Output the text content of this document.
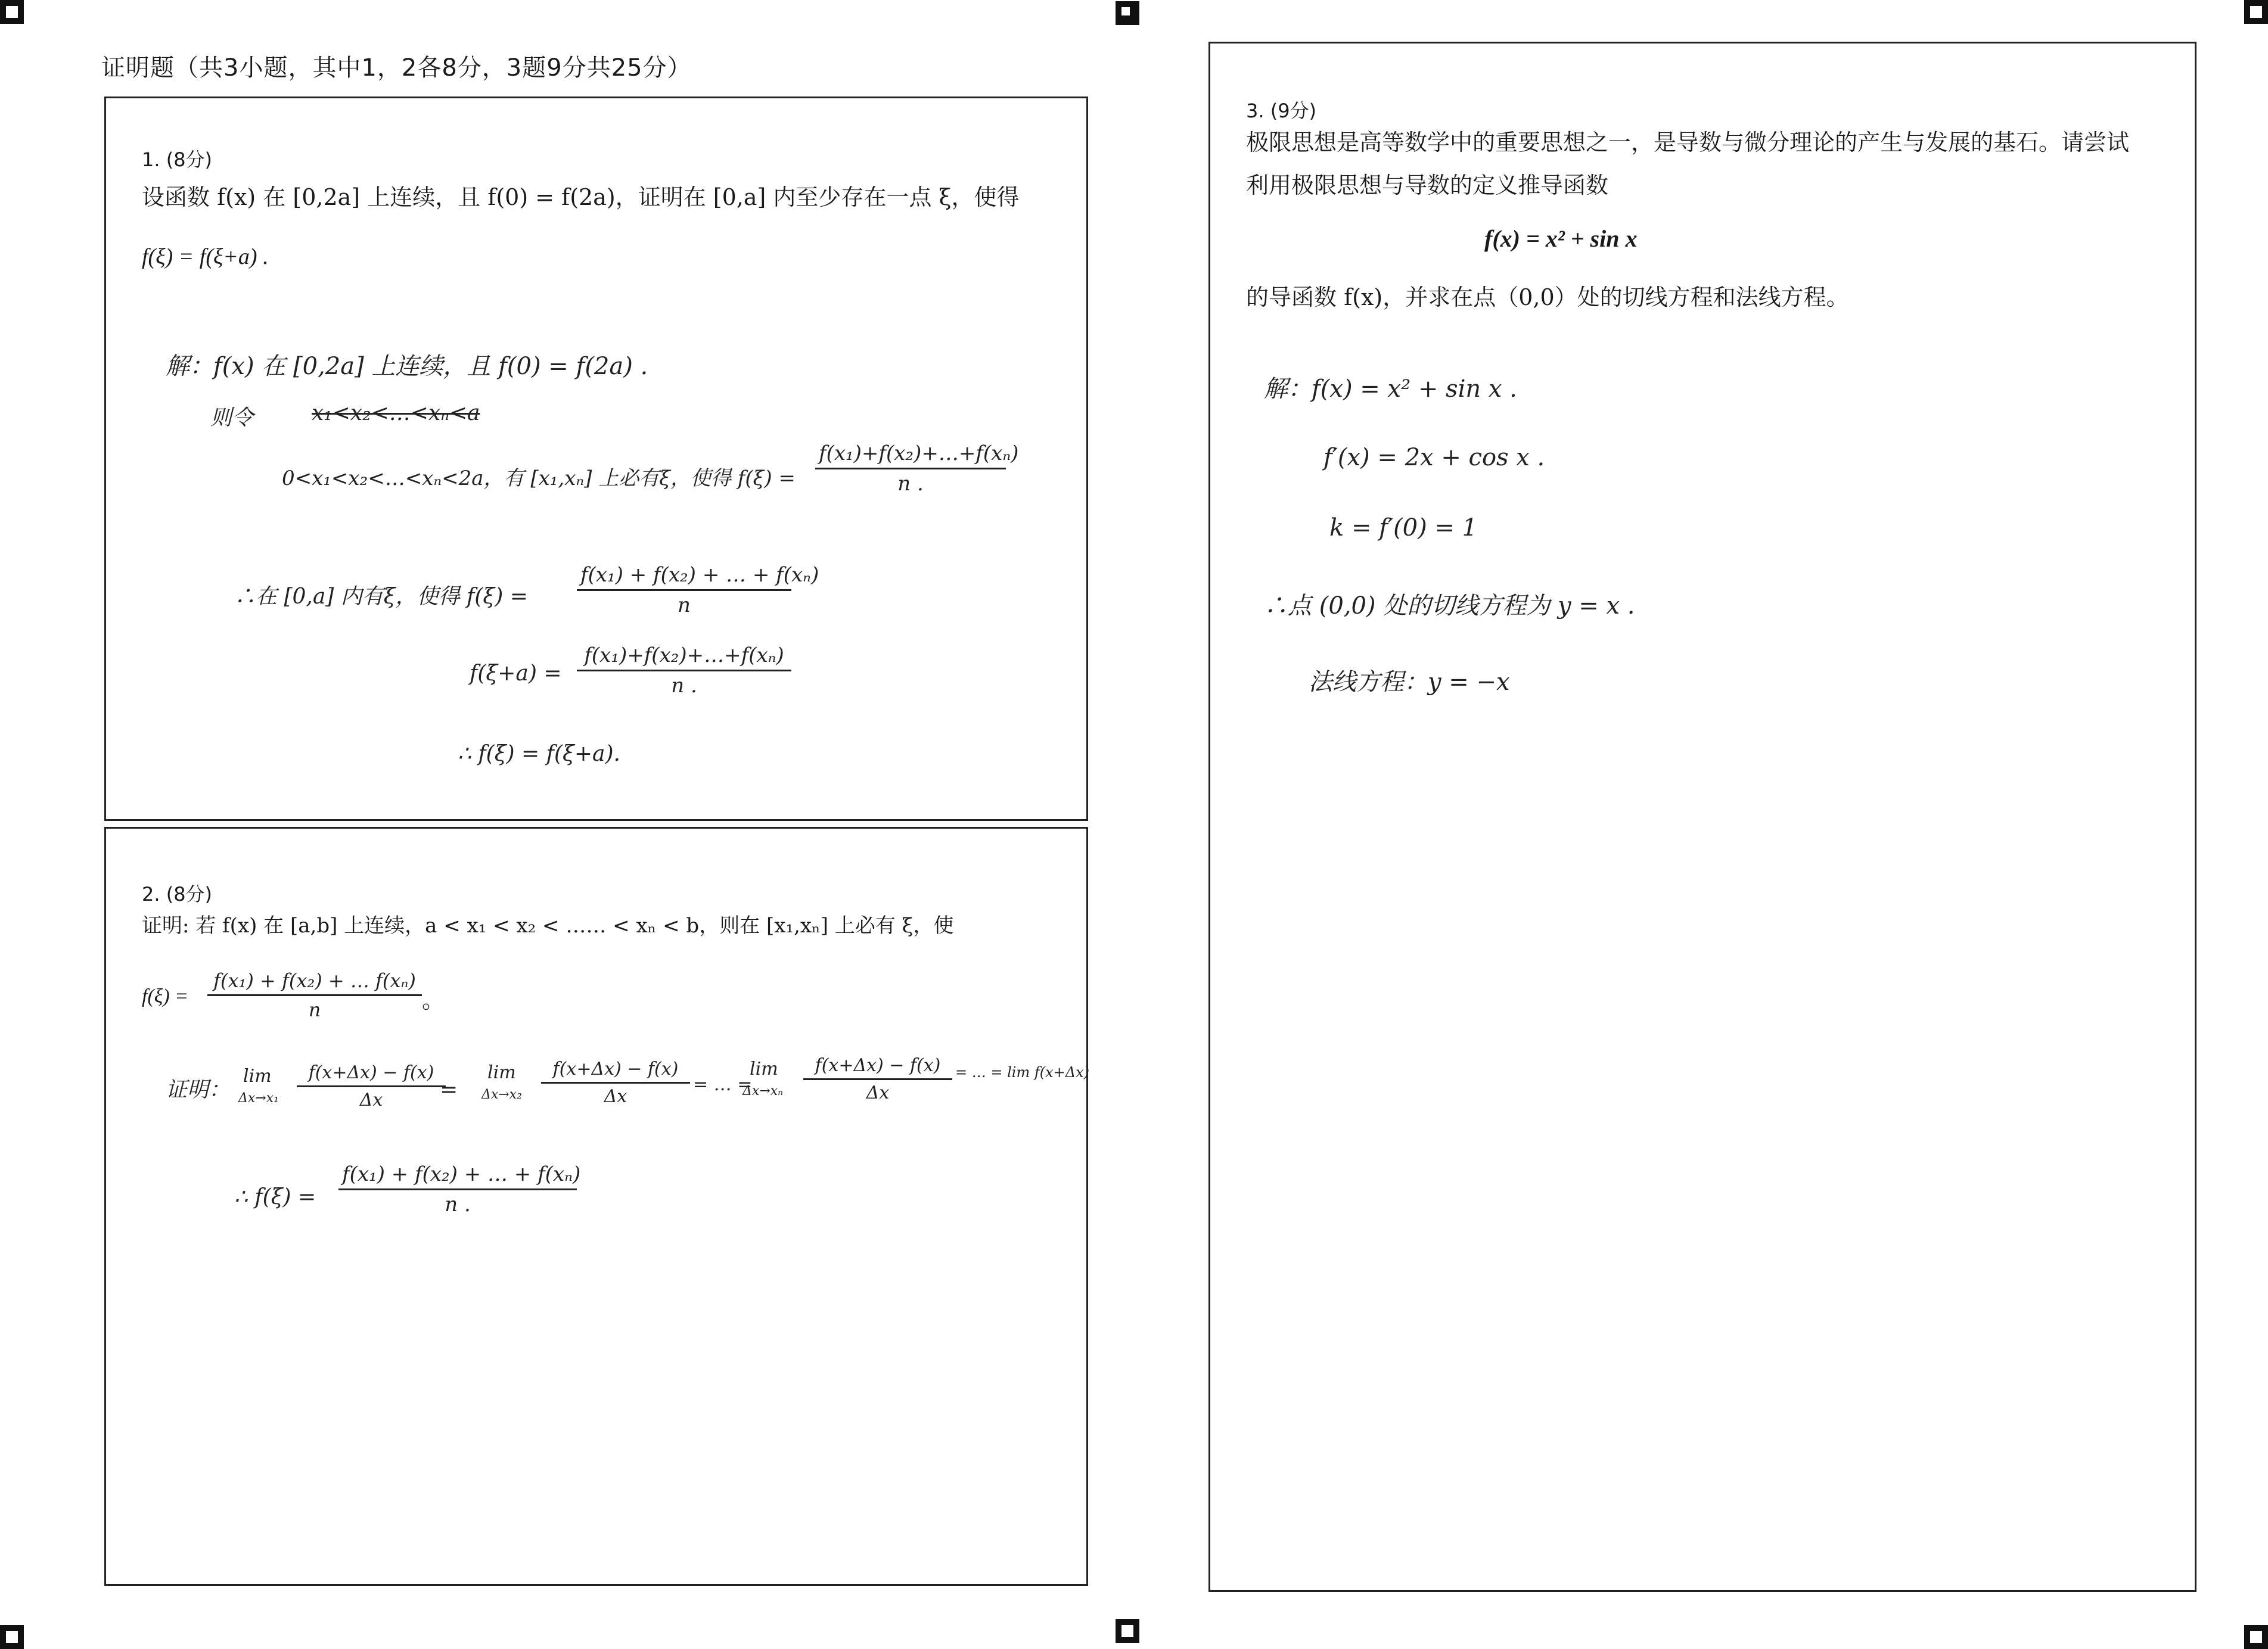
证明题（共3小题，其中1，2各8分，3题9分共25分）
1. (8分)
设函数 f(x) 在 [0,2a] 上连续，且 f(0) = f(2a)，证明在 [0,a] 内至少存在一点 ξ，使得
f(ξ) = f(ξ+a) .
解：f(x) 在 [0,2a] 上连续，且 f(0) = f(2a) .
则令	x₁<x₂<…<xₙ<a
0<x₁<x₂<…<xₙ<2a，有 [x₁,xₙ] 上必有ξ，使得 $f(\xi) = \frac{\text{f(x₁)+f(x₂)+…+f(xₙ)}}{n .}$
∴在 [0,a] 内有ξ，使得 $f(\xi) = \frac{\text{f(x₁) + f(x₂) + … + f(xₙ)}}{n}$
$f(\xi+a) = \frac{\text{f(x₁)+f(x₂)+…+f(xₙ)}}{n .}$
∴ f(ξ) = f(ξ+a).
2. (8分)
证明: 若 f(x) 在 [a,b] 上连续，a < x₁ < x₂ < …… < xₙ < b，则在 [x₁,xₙ] 上必有 ξ，使
$f(\xi) = \frac{\text{f(x₁) + f(x₂) + … f(xₙ)}}{n}$ 。
证明：
lim
$\Delta x\to x_1 \frac{f(x+\Delta x) - f(x)}{\Delta x}$
=
lim
$\Delta x\to x_2 \frac{f(x+\Delta x) - f(x)}{\Delta x}$ = … =
lim
$\Delta x\to x_n \frac{f(x+\Delta x) - f(x)}{\Delta x}$ = … = lim f(x+Δx)
∴ $f(\xi) = \frac{\text{f(x₁) + f(x₂) + … + f(xₙ)}}{n .}$
3. (9分)
极限思想是高等数学中的重要思想之一，是导数与微分理论的产生与发展的基石。请尝试
利用极限思想与导数的定义推导函数
f(x) = x² + sin x
的导函数 f(x)，并求在点（0,0）处的切线方程和法线方程。
解：f(x) = x² + sin x .
f′(x) = 2x + cos x .
k = f′(0) = 1
∴点 (0,0) 处的切线方程为 y = x .
法线方程：y = −x
